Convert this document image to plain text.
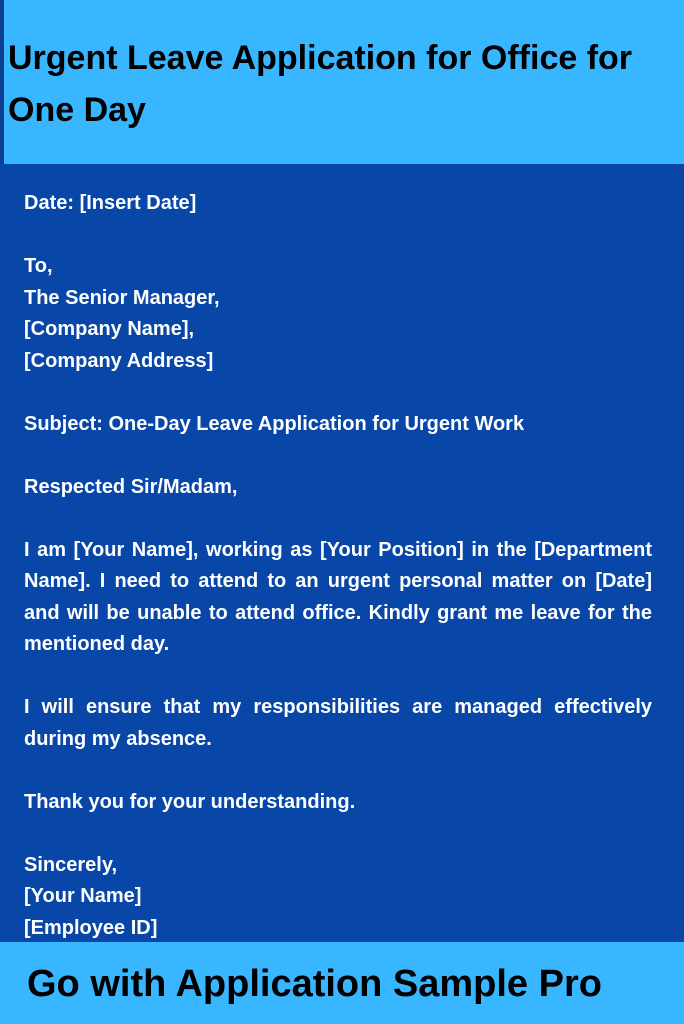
Urgent Leave Application for Office for One Day

Date: [Insert Date]

To,

The Senior Manager,

[Company Name],

[Company Address]

Subject: One-Day Leave Application for Urgent Work

Respected Sir/Madam,

I am [Your Name], working as [Your Position] in the [Department Name]. I need to attend to an urgent personal matter on [Date] and will be unable to attend office. Kindly grant me leave for the mentioned day.

I will ensure that my responsibilities are managed effectively during my absence.

Thank you for your understanding.

Sincerely,

[Your Name]

[Employee ID]

Go with Application Sample Pro
